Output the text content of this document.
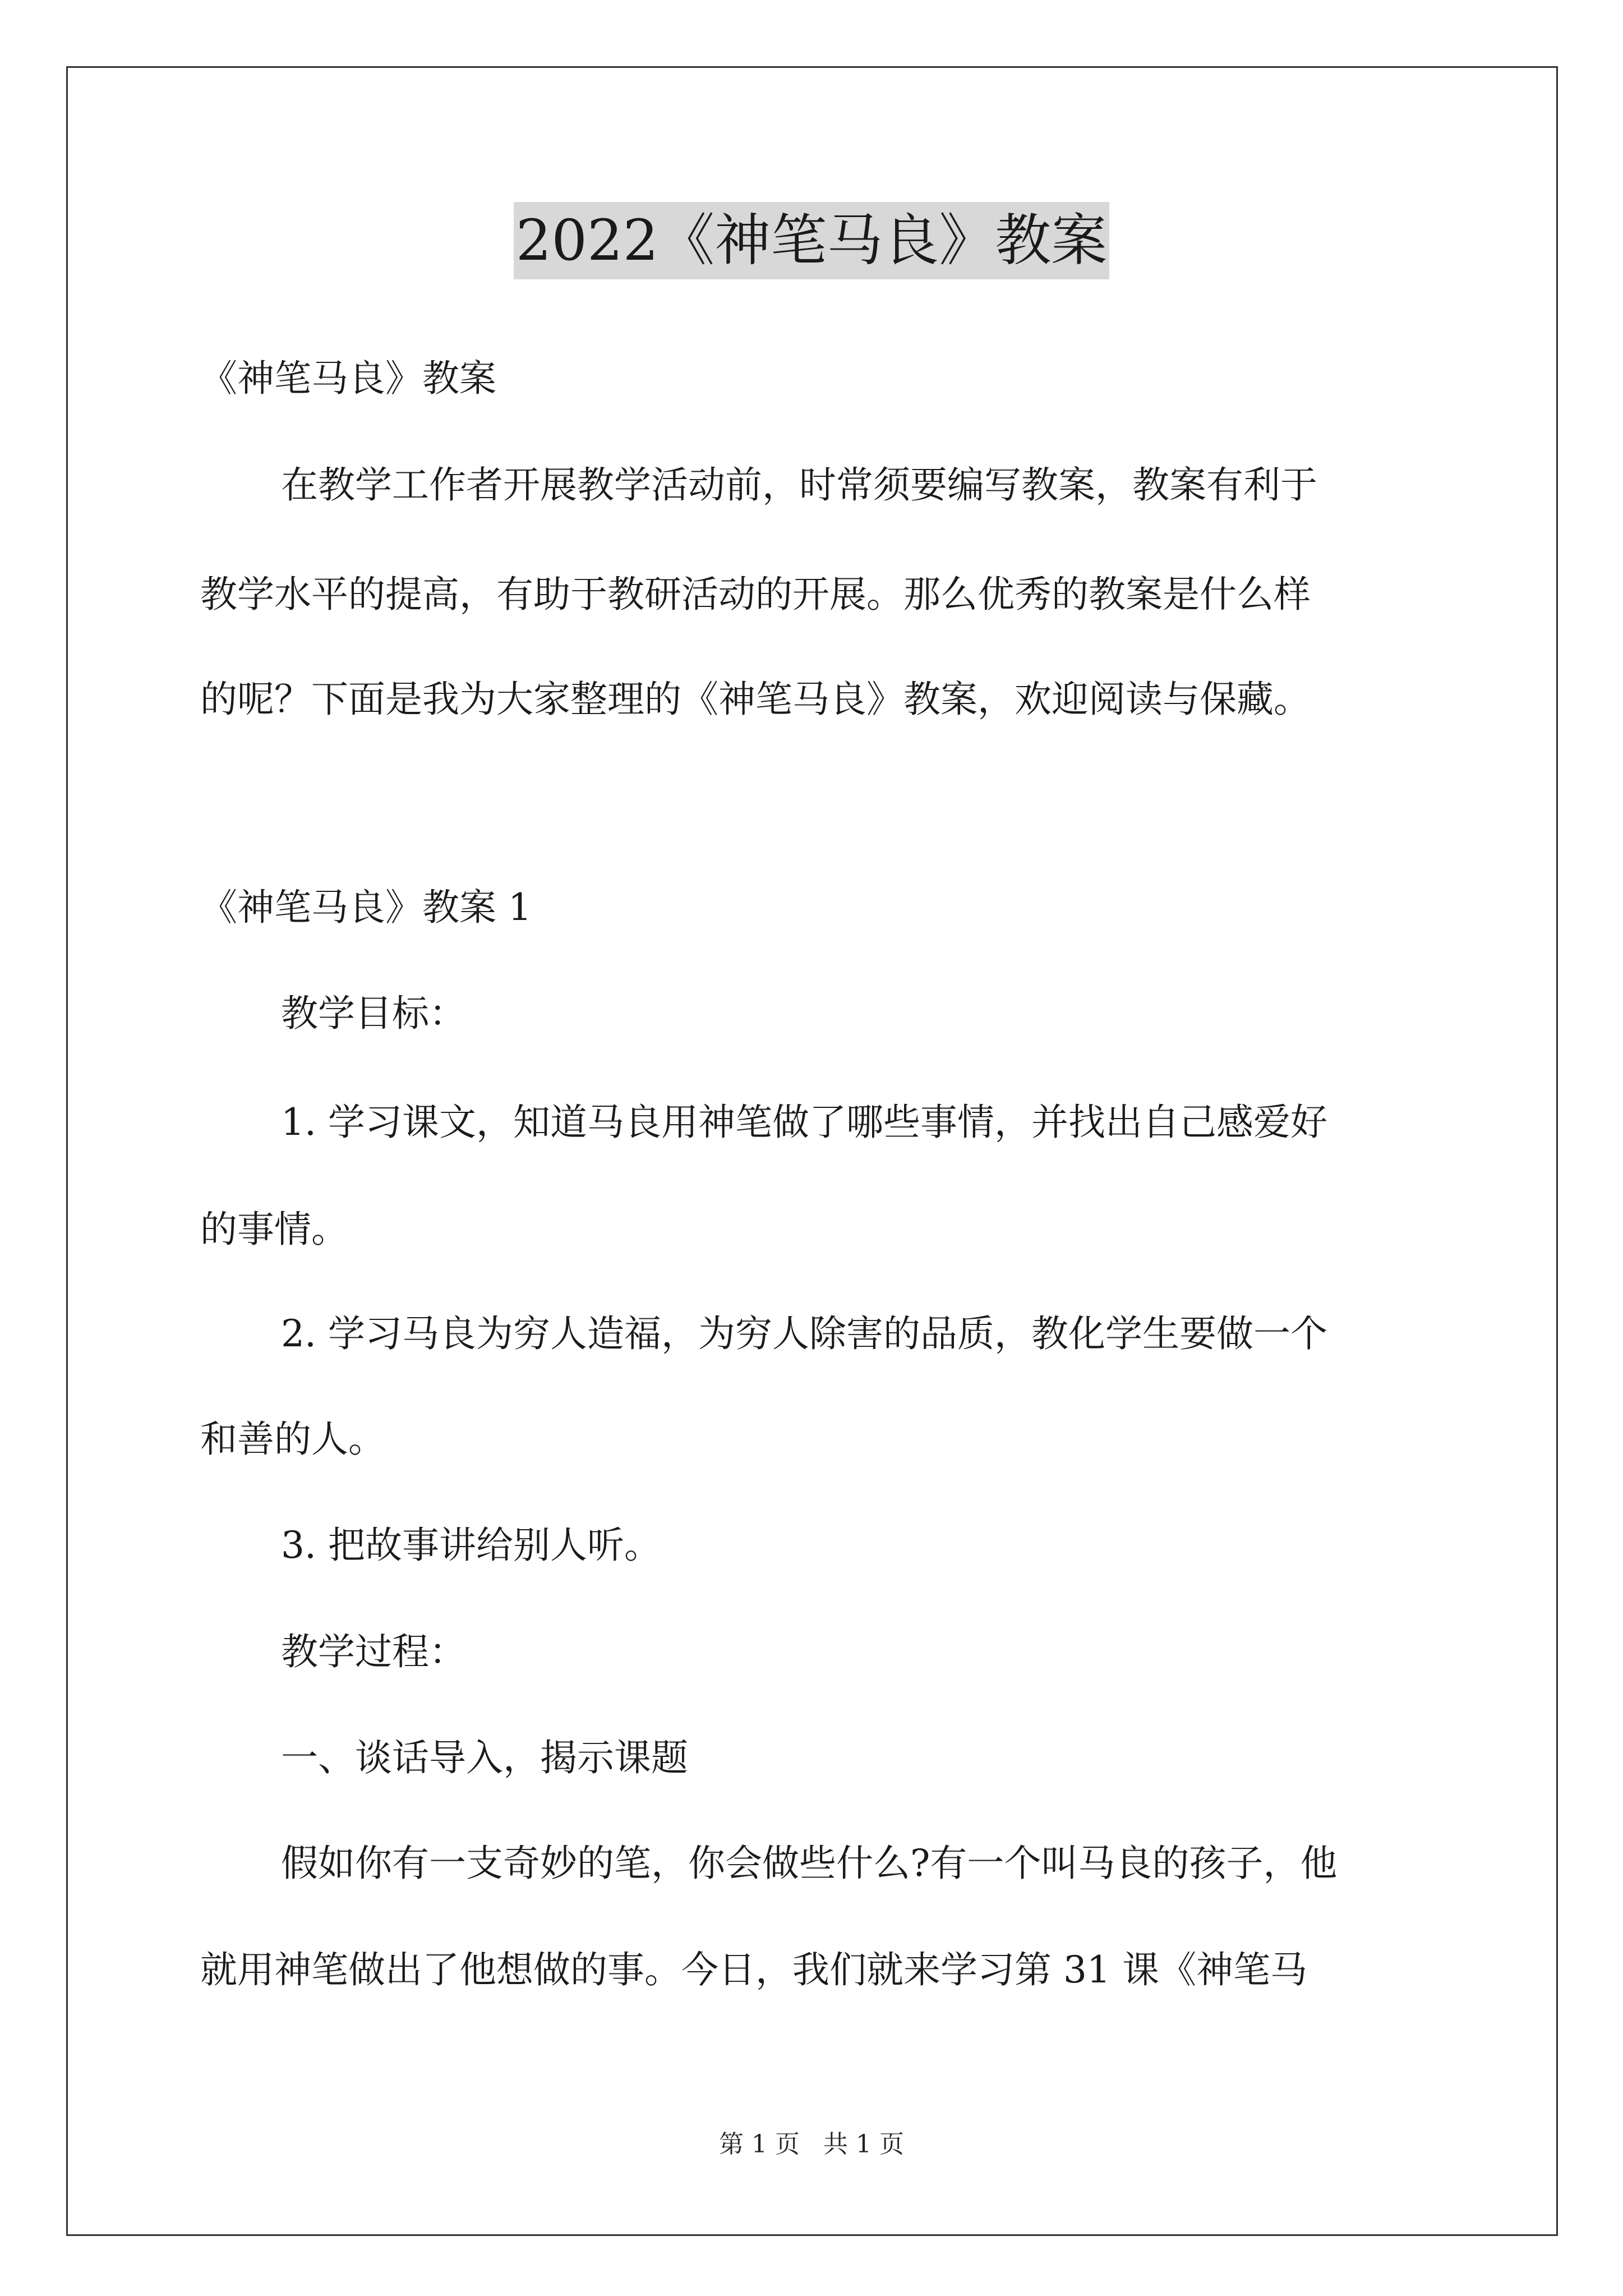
2022《神笔马良》教案
《神笔马良》教案
在教学工作者开展教学活动前，时常须要编写教案，教案有利于
教学水平的提高，有助于教研活动的开展。那么优秀的教案是什么样
的呢？下面是我为大家整理的《神笔马良》教案，欢迎阅读与保藏。
《神笔马良》教案 1
教学目标：
1. 学习课文，知道马良用神笔做了哪些事情，并找出自己感爱好
的事情。
2. 学习马良为穷人造福，为穷人除害的品质，教化学生要做一个
和善的人。
3. 把故事讲给别人听。
教学过程：
一、谈话导入，揭示课题
假如你有一支奇妙的笔，你会做些什么?有一个叫马良的孩子，他
就用神笔做出了他想做的事。今日，我们就来学习第 31 课《神笔马
第 1 页 共 1 页
